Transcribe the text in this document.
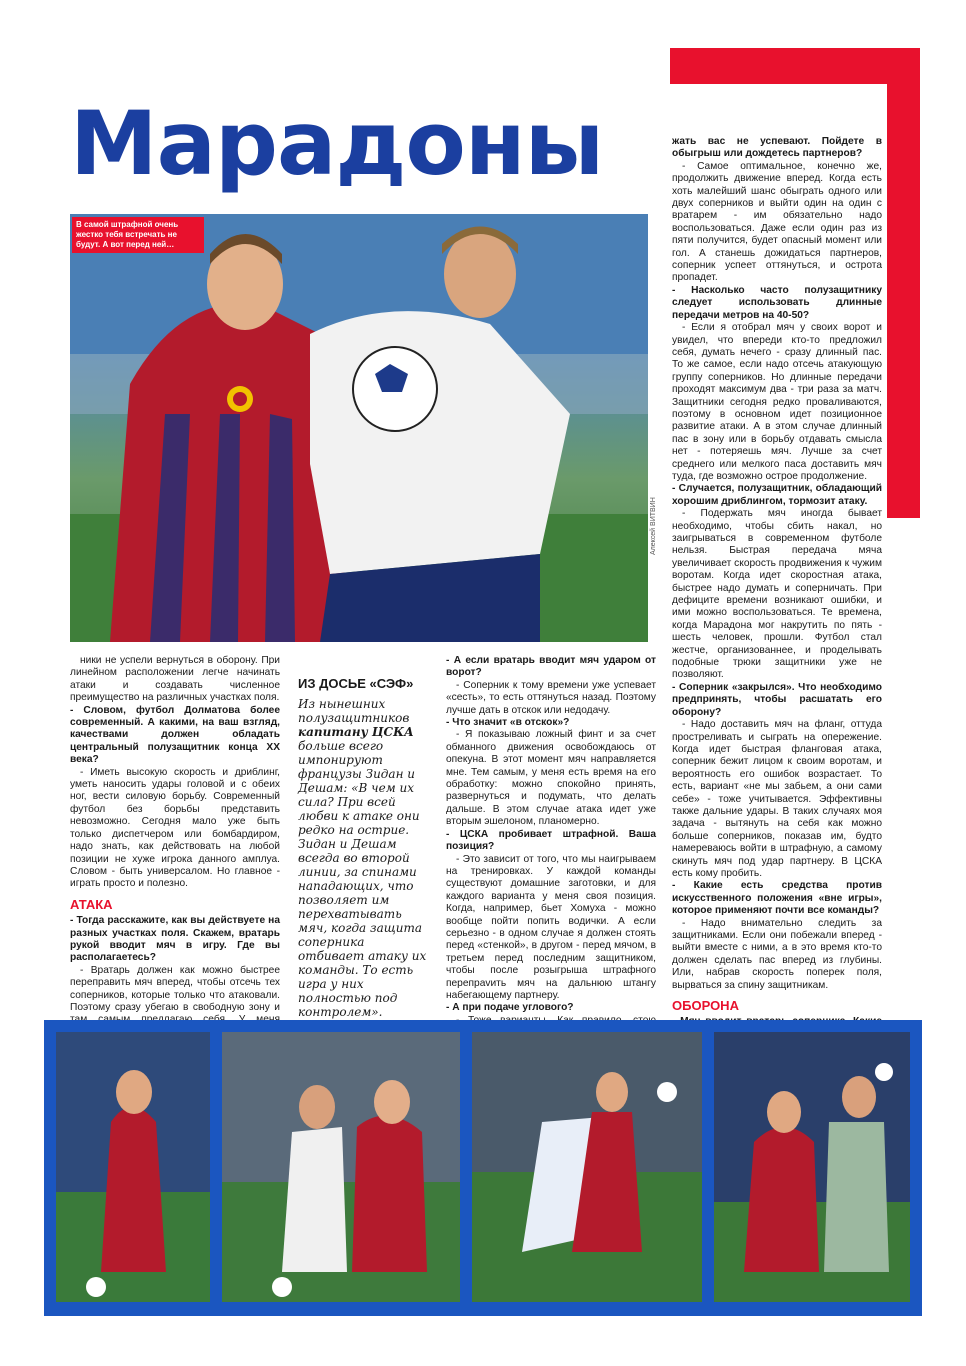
Марадоны
В самой штрафной очень жестко тебя встречать не будут. А вот перед ней…
Алексей ВИТВИН

ники не успели вернуться в оборону. При линейном расположении легче начинать атаки и создавать численное преимущество на различных участках поля.

- Словом, футбол Долматова более современный. А какими, на ваш взгляд, качествами должен обладать центральный полузащитник конца XX века?

- Иметь высокую скорость и дриблинг, уметь наносить удары головой и с обеих ног, вести силовую борьбу. Современный футбол без борьбы представить невозможно. Сегодня мало уже быть только диспетчером или бомбардиром, надо знать, как действовать на любой позиции не хуже игрока данного амплуа. Словом - быть универсалом. Но главное - играть просто и полезно.

АТАКА

- Тогда расскажите, как вы действуете на разных участках поля. Скажем, вратарь рукой вводит мяч в игру. Где вы располагаетесь?

- Вратарь должен как можно быстрее переправить мяч вперед, чтобы отсечь тех соперников, которые только что атаковали. Поэтому сразу убегаю в свободную зону и

ИЗ ДОСЬЕ «СЭФ»
Из нынешних полузащитников капитану ЦСКА больше всего импонируют французы Зидан и Дешам: «В чем их сила? При всей любви к атаке они редко на острие. Зидан и Дешам всегда во второй линии, за спинами нападающих, что позволяет им перехватывать мяч, когда защита соперника отбивает атаку их команды. То есть игра у них полностью под контролем».

- А если вратарь вводит мяч ударом от ворот?

- Соперник к тому времени уже успевает «сесть», то есть оттянуться назад. Поэтому лучше дать в отскок или недодачу.

- Что значит «в отскок»?

- Я показываю ложный финт и за счет обманного движения освобождаюсь от опекуна. В этот момент мяч направляется мне. Тем самым, у меня есть время на его обработку: можно спокойно принять, развернуться и подумать, что делать дальше. В этом случае атака идет уже вторым эшелоном, планомерно.

- ЦСКА пробивает штрафной. Ваша позиция?

- Это зависит от того, что мы наигрываем на тренировках. У каждой команды существуют домашние заготовки, и для каждого варианта у меня своя позиция. Когда, например, бьет Хомуха - можно вообще пойти попить водички. А если серьезно - в одном случае я должен стоять перед «стенкой», в другом - перед мячом, в третьем перед последним защитником, чтобы после розыгрыша штрафного перепрavить мяч на дальнюю штангу набегающему партнеру.

- А при подаче углового?

жать вас не успевают. Пойдете в обыгрыш или дождетесь партнеров?

- Самое оптимальное, конечно же, продолжить движение вперед. Когда есть хоть малейший шанс обыграть одного или двух соперников и выйти один на один с вратарем - им обязательно надо воспользоваться. Даже если один раз из пяти получится, будет опасный момент или гол. А станешь дожидаться партнеров, соперник успеет оттянуться, и острота пропадет.

- Насколько часто полузащитнику следует использовать длинные передачи метров на 40-50?

- Если я отобрал мяч у своих ворот и увидел, что впереди кто-то предложил себя, думать нечего - сразу длинный пас. То же самое, если надо отсечь атакующую группу соперников. Но длинные передачи проходят максимум два - три раза за матч. Защитники сегодня редко проваливаются, поэтому в основном идет позиционное развитие атаки. А в этом случае длинный пас в зону или в борьбу отдавать смысла нет - потеряешь мяч. Лучше за счет среднего или мелкого паса доставить мяч туда, где возможно острое продолжение.

- Случается, полузащитник, обладающий хорошим дриблингом, тормозит атаку.

- Подержать мяч иногда бывает необходимо, чтобы сбить накал, но заигрываться в современном футболе нельзя. Быстрая передача мяча увеличивает скорость продвижения к чужим воротам. Когда идет скоростная атака, быстрее надо думать и соперничать. При дефиците времени возникают ошибки, и ими можно воспользоваться. Те времена, когда Марадона мог накрутить по пять - шесть человек, прошли. Футбол стал жестче, организованнее, и проделывать подобные трюки защитники уже не позволяют.

- Соперник «закрылся». Что необходимо предпринять, чтобы расшатать его оборону?

- Надо доставить мяч на фланг, оттуда простреливать и сыграть на опережение. Когда идет быстрая фланговая атака, соперник бежит лицом к своим воротам, и вероятность его ошибок возрастает. То есть, вариант «не мы забьем, а они сами себе» - тоже учитывается. Эффективны также дальние удары. В таких случаях моя задача - вытянуть на себя как можно больше соперников, показав им, будто намереваюсь войти в штрафную, а самому скинуть мяч под удар партнеру. В ЦСКА есть кому пробить.

- Какие есть средства против искусственного положения «вне игры», которое применяют почти все команды?

- Надо внимательно следить за защитниками. Если они побежали вперед - выйти вместе с ними, а в это время кто-то должен сделать пас вперед из глубины. Или, набрав скорость поперек поля, вырваться за спину защитникам.

ОБОРОНА
